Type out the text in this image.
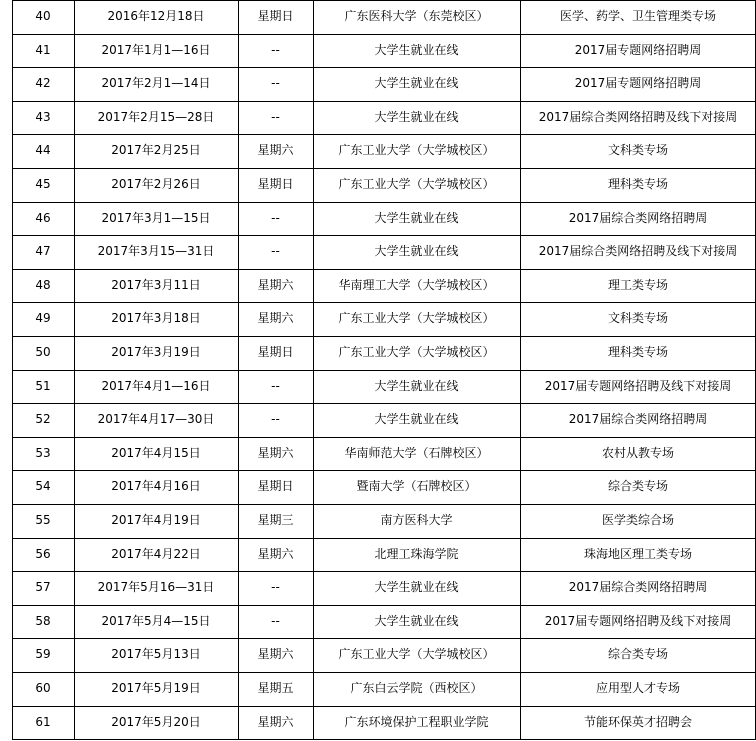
40	2016年12月18日	星期日	广东医科大学（东莞校区）	医学、药学、卫生管理类专场
41	2017年1月1—16日	--	大学生就业在线	2017届专题网络招聘周
42	2017年2月1—14日	--	大学生就业在线	2017届专题网络招聘周
43	2017年2月15—28日	--	大学生就业在线	2017届综合类网络招聘及线下对接周
44	2017年2月25日	星期六	广东工业大学（大学城校区）	文科类专场
45	2017年2月26日	星期日	广东工业大学（大学城校区）	理科类专场
46	2017年3月1—15日	--	大学生就业在线	2017届综合类网络招聘周
47	2017年3月15—31日	--	大学生就业在线	2017届综合类网络招聘及线下对接周
48	2017年3月11日	星期六	华南理工大学（大学城校区）	理工类专场
49	2017年3月18日	星期六	广东工业大学（大学城校区）	文科类专场
50	2017年3月19日	星期日	广东工业大学（大学城校区）	理科类专场
51	2017年4月1—16日	--	大学生就业在线	2017届专题网络招聘及线下对接周
52	2017年4月17—30日	--	大学生就业在线	2017届综合类网络招聘周
53	2017年4月15日	星期六	华南师范大学（石牌校区）	农村从教专场
54	2017年4月16日	星期日	暨南大学（石牌校区）	综合类专场
55	2017年4月19日	星期三	南方医科大学	医学类综合场
56	2017年4月22日	星期六	北理工珠海学院	珠海地区理工类专场
57	2017年5月16—31日	--	大学生就业在线	2017届综合类网络招聘周
58	2017年5月4—15日	--	大学生就业在线	2017届专题网络招聘及线下对接周
59	2017年5月13日	星期六	广东工业大学（大学城校区）	综合类专场
60	2017年5月19日	星期五	广东白云学院（西校区）	应用型人才专场
61	2017年5月20日	星期六	广东环境保护工程职业学院	节能环保英才招聘会
